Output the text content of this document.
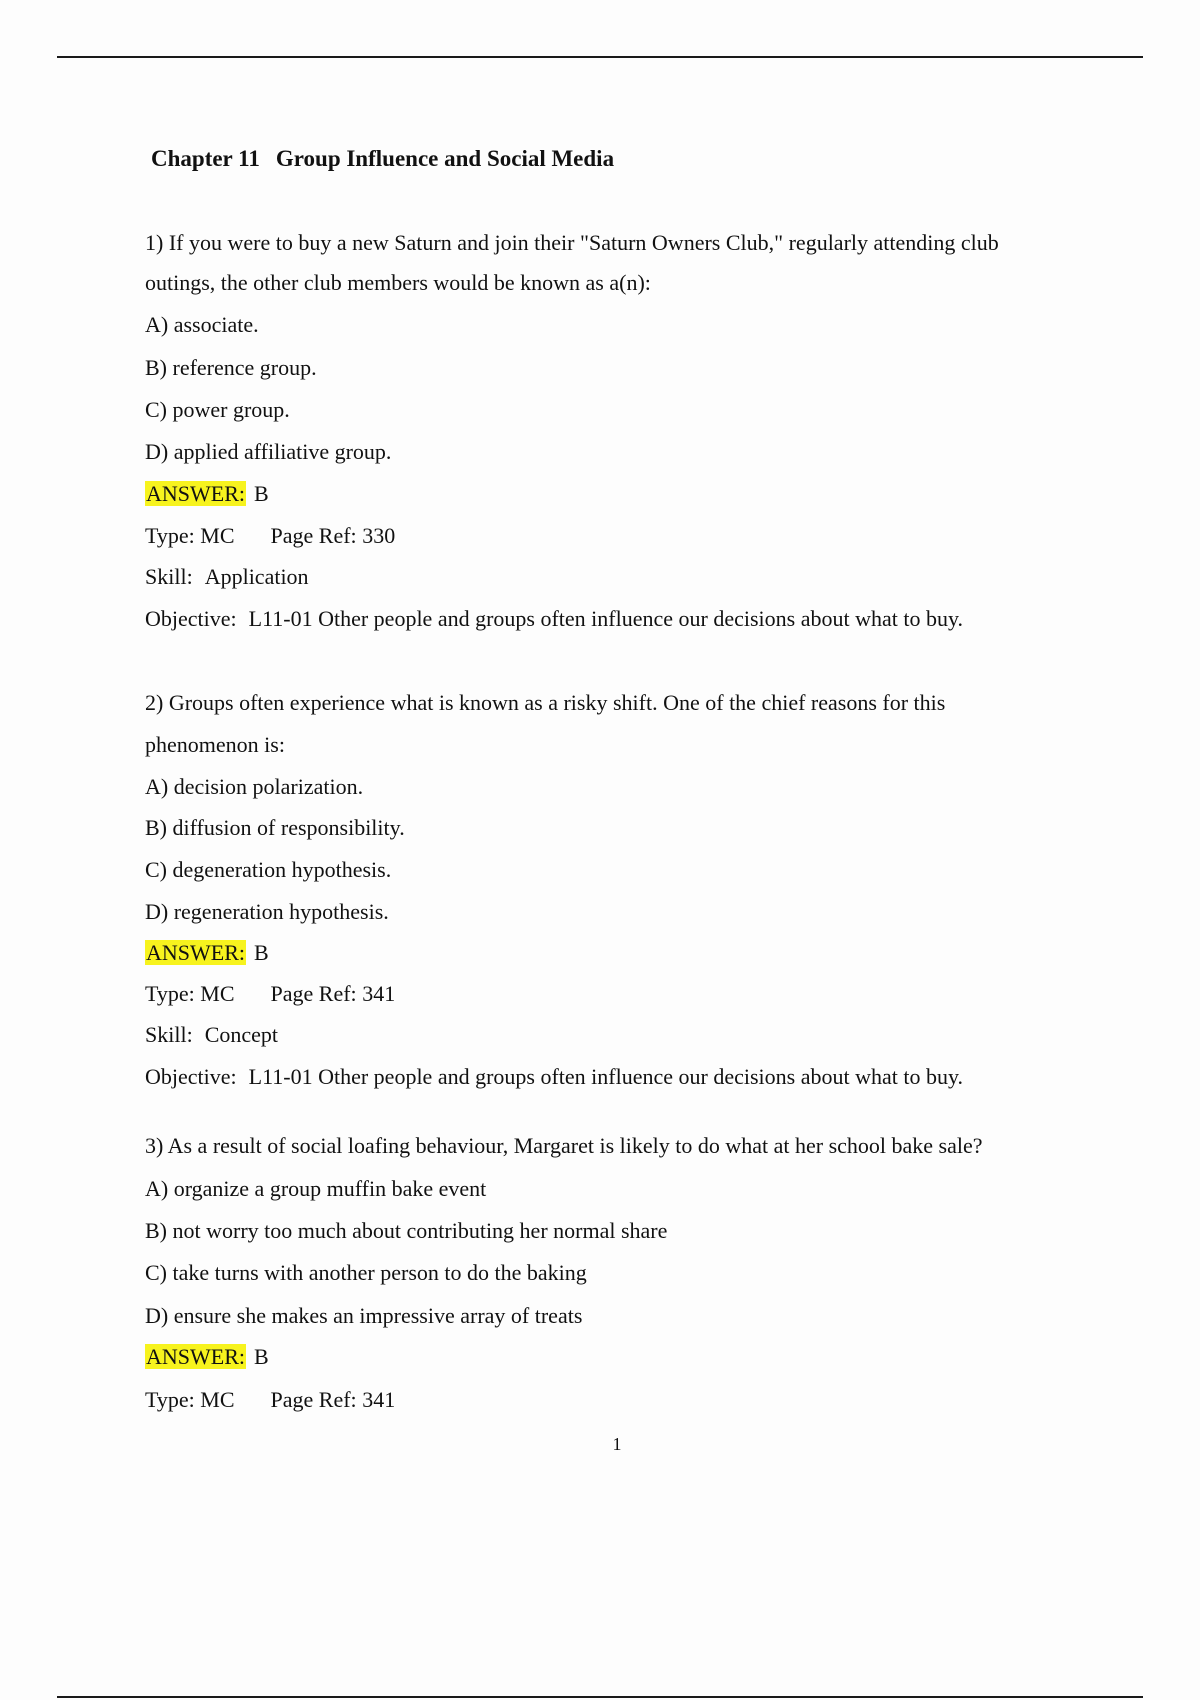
Chapter 11 Group Influence and Social Media
1) If you were to buy a new Saturn and join their "Saturn Owners Club," regularly attending club
outings, the other club members would be known as a(n):
A) associate.
B) reference group.
C) power group.
D) applied affiliative group.
ANSWER: B
Type: MC Page Ref: 330
Skill: Application
Objective: L11-01 Other people and groups often influence our decisions about what to buy.
2) Groups often experience what is known as a risky shift. One of the chief reasons for this
phenomenon is:
A) decision polarization.
B) diffusion of responsibility.
C) degeneration hypothesis.
D) regeneration hypothesis.
ANSWER: B
Type: MC Page Ref: 341
Skill: Concept
Objective: L11-01 Other people and groups often influence our decisions about what to buy.
3) As a result of social loafing behaviour, Margaret is likely to do what at her school bake sale?
A) organize a group muffin bake event
B) not worry too much about contributing her normal share
C) take turns with another person to do the baking
D) ensure she makes an impressive array of treats
ANSWER: B
Type: MC Page Ref: 341
1
